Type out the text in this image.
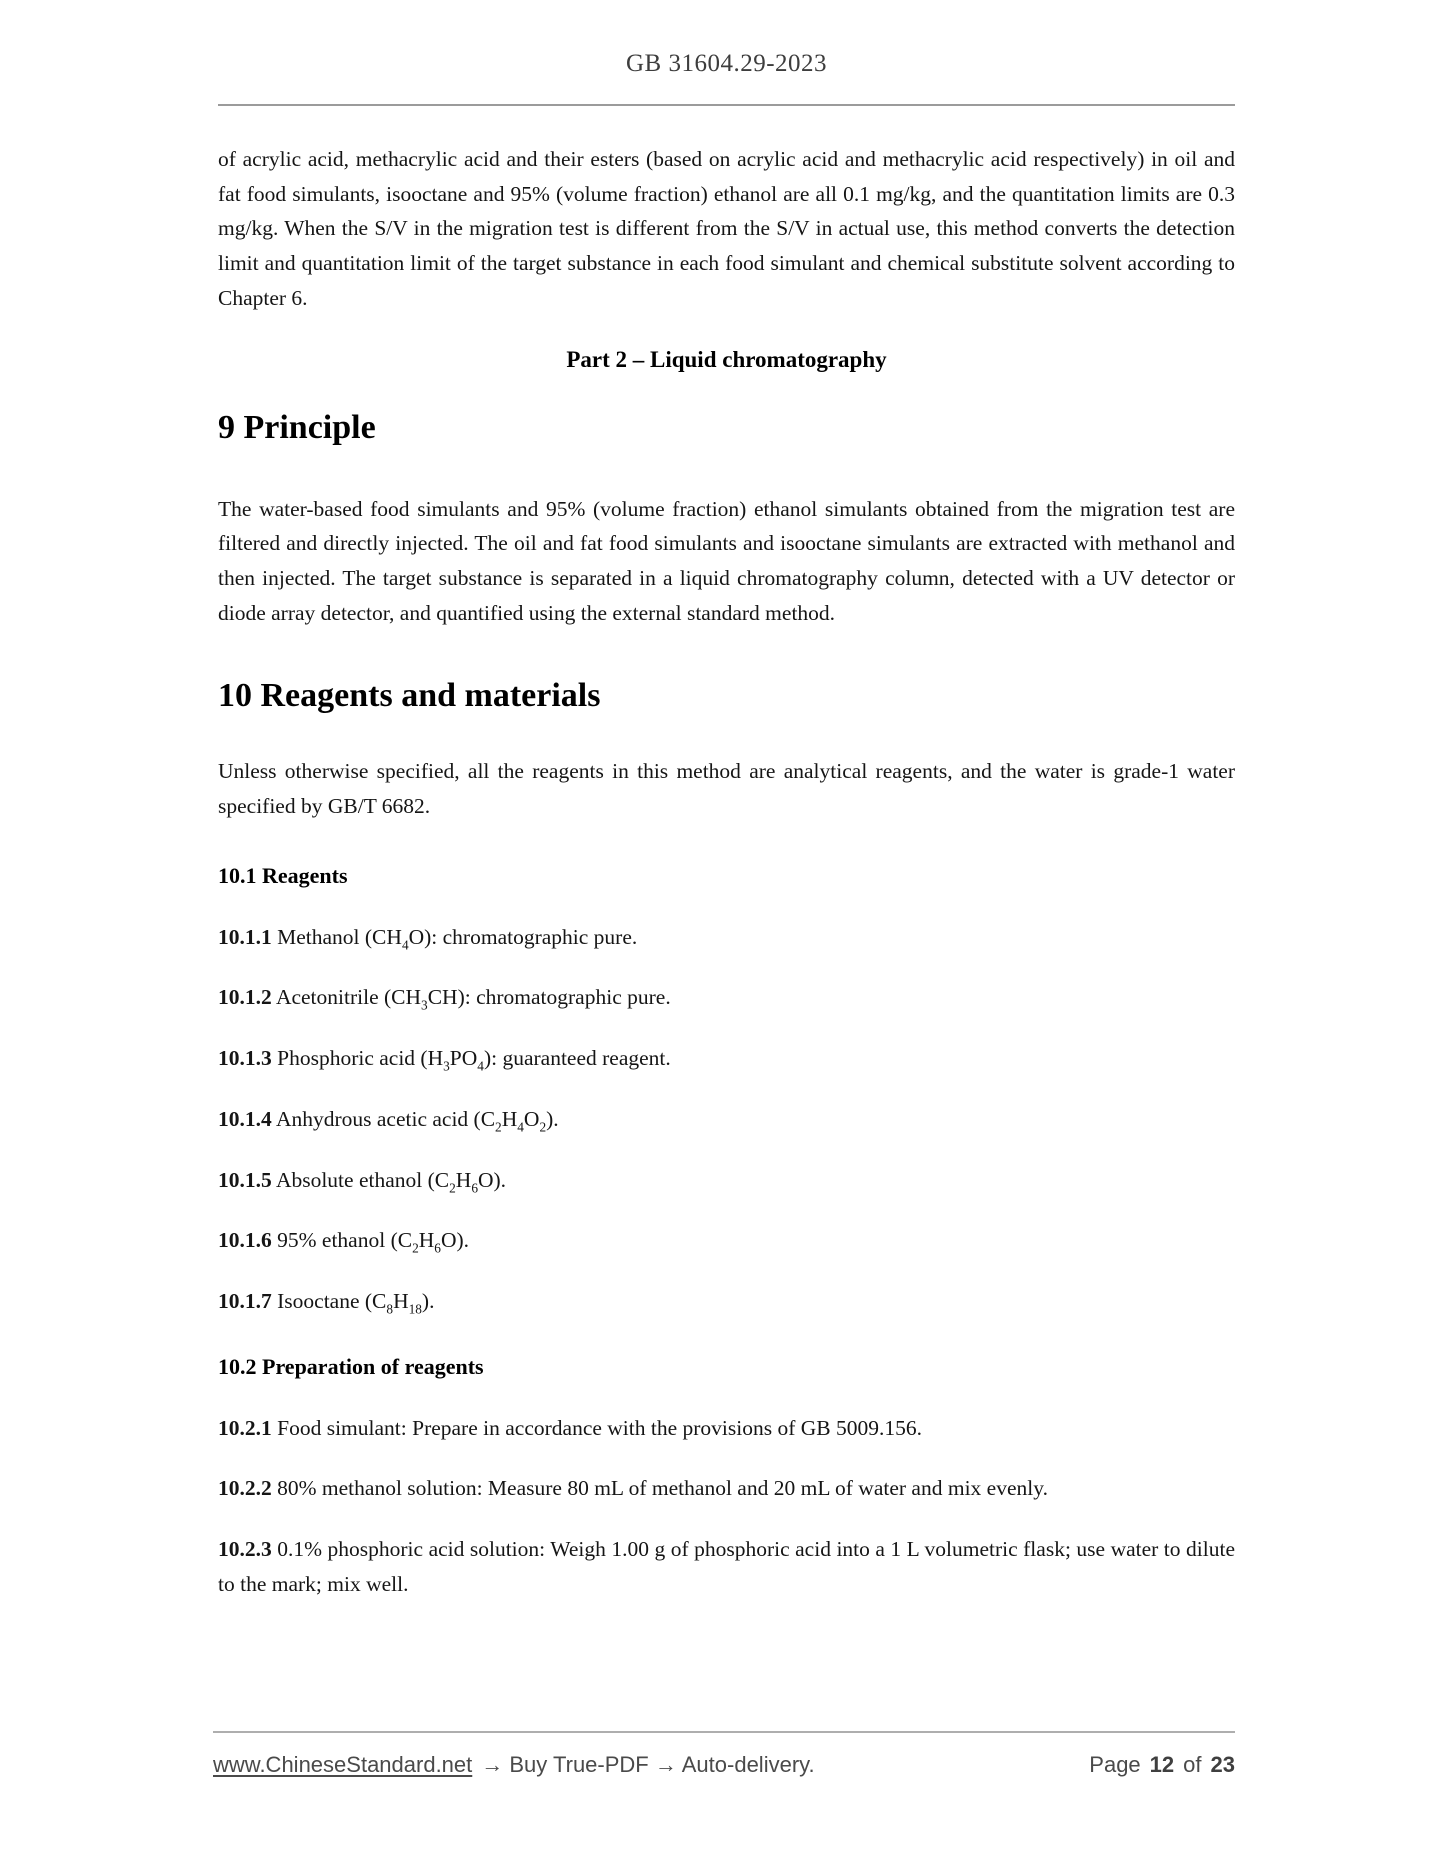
GB 31604.29-2023

of acrylic acid, methacrylic acid and their esters (based on acrylic acid and methacrylic acid respectively) in oil and fat food simulants, isooctane and 95% (volume fraction) ethanol are all 0.1 mg/kg, and the quantitation limits are 0.3 mg/kg. When the S/V in the migration test is different from the S/V in actual use, this method converts the detection limit and quantitation limit of the target substance in each food simulant and chemical substitute solvent according to Chapter 6.

Part 2 – Liquid chromatography
9 Principle

The water-based food simulants and 95% (volume fraction) ethanol simulants obtained from the migration test are filtered and directly injected. The oil and fat food simulants and isooctane simulants are extracted with methanol and then injected. The target substance is separated in a liquid chromatography column, detected with a UV detector or diode array detector, and quantified using the external standard method.

10 Reagents and materials

Unless otherwise specified, all the reagents in this method are analytical reagents, and the water is grade-1 water specified by GB/T 6682.

10.1 Reagents

10.1.1 Methanol $(CH_4O)$: chromatographic pure.

10.1.2 Acetonitrile $(CH_3CH)$: chromatographic pure.

10.1.3 Phosphoric acid $(H_3PO_4)$: guaranteed reagent.

10.1.4 Anhydrous acetic acid $(C_2H_4O_2)$.

10.1.5 Absolute ethanol $(C_2H_6O)$.

10.1.6 95% ethanol $(C_2H_6O)$.

10.1.7 Isooctane $(C_8H_{18})$.

10.2 Preparation of reagents

10.2.1 Food simulant: Prepare in accordance with the provisions of GB 5009.156.

10.2.2 80% methanol solution: Measure 80 mL of methanol and 20 mL of water and mix evenly.

10.2.3 0.1% phosphoric acid solution: Weigh 1.00 g of phosphoric acid into a 1 L volumetric flask; use water to dilute to the mark; mix well.

www.ChineseStandard.net → Buy True-PDF → Auto-delivery.	Page 12 of 23
